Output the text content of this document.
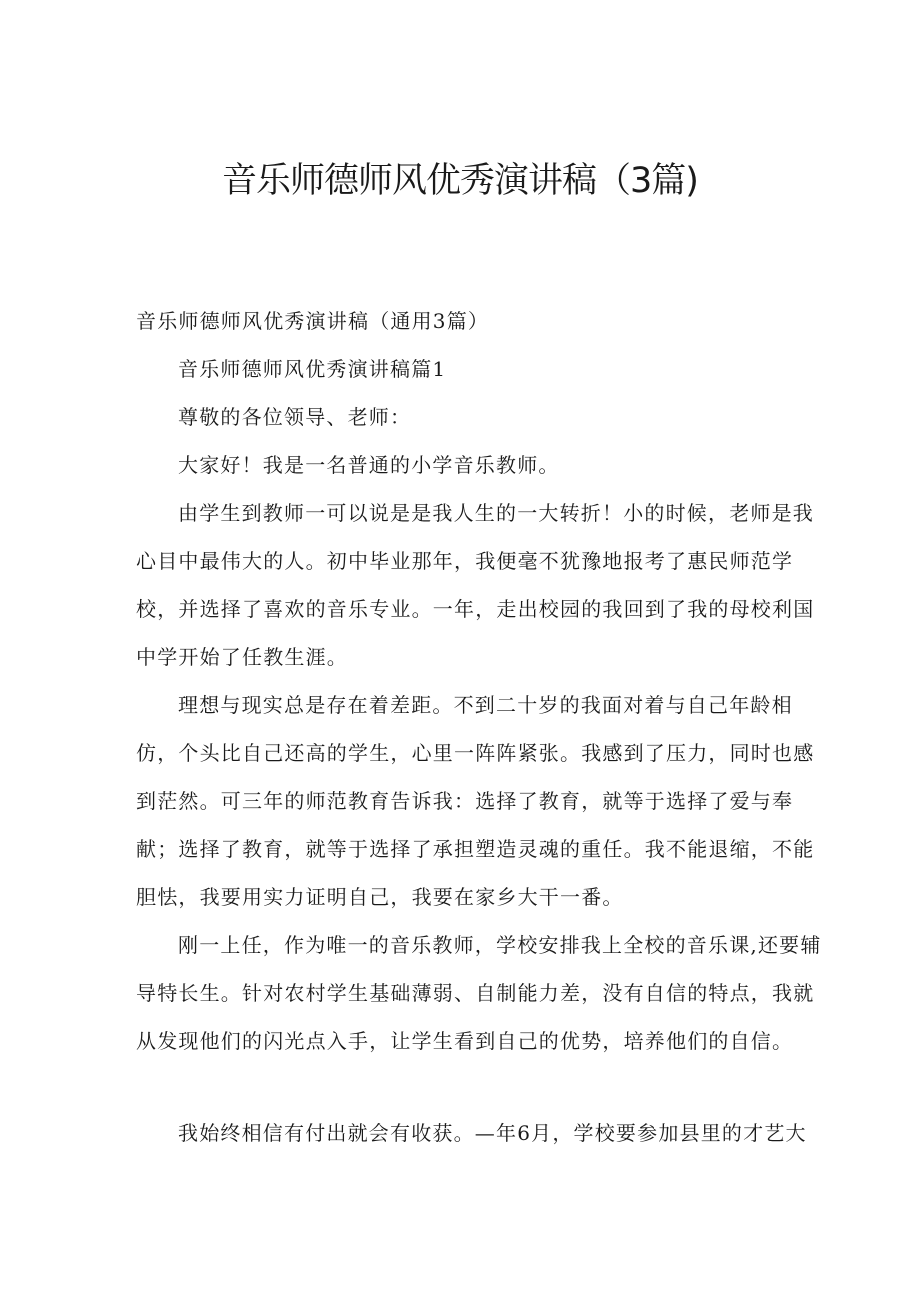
音乐师德师风优秀演讲稿（3篇)

音乐师德师风优秀演讲稿（通用3篇）

音乐师德师风优秀演讲稿篇1

尊敬的各位领导、老师：

大家好！我是一名普通的小学音乐教师。

由学生到教师一可以说是是我人生的一大转折！小的时候，老师是我

心目中最伟大的人。初中毕业那年，我便毫不犹豫地报考了惠民师范学

校，并选择了喜欢的音乐专业。一年，走出校园的我回到了我的母校利国

中学开始了任教生涯。

理想与现实总是存在着差距。不到二十岁的我面对着与自己年龄相

仿，个头比自己还高的学生，心里一阵阵紧张。我感到了压力，同时也感

到茫然。可三年的师范教育告诉我：选择了教育，就等于选择了爱与奉

献；选择了教育，就等于选择了承担塑造灵魂的重任。我不能退缩，不能

胆怯，我要用实力证明自己，我要在家乡大干一番。

刚一上任，作为唯一的音乐教师，学校安排我上全校的音乐课,还要辅

导特长生。针对农村学生基础薄弱、自制能力差，没有自信的特点，我就

从发现他们的闪光点入手，让学生看到自己的优势，培养他们的自信。

我始终相信有付出就会有收获。—年6月，学校要参加县里的才艺大
